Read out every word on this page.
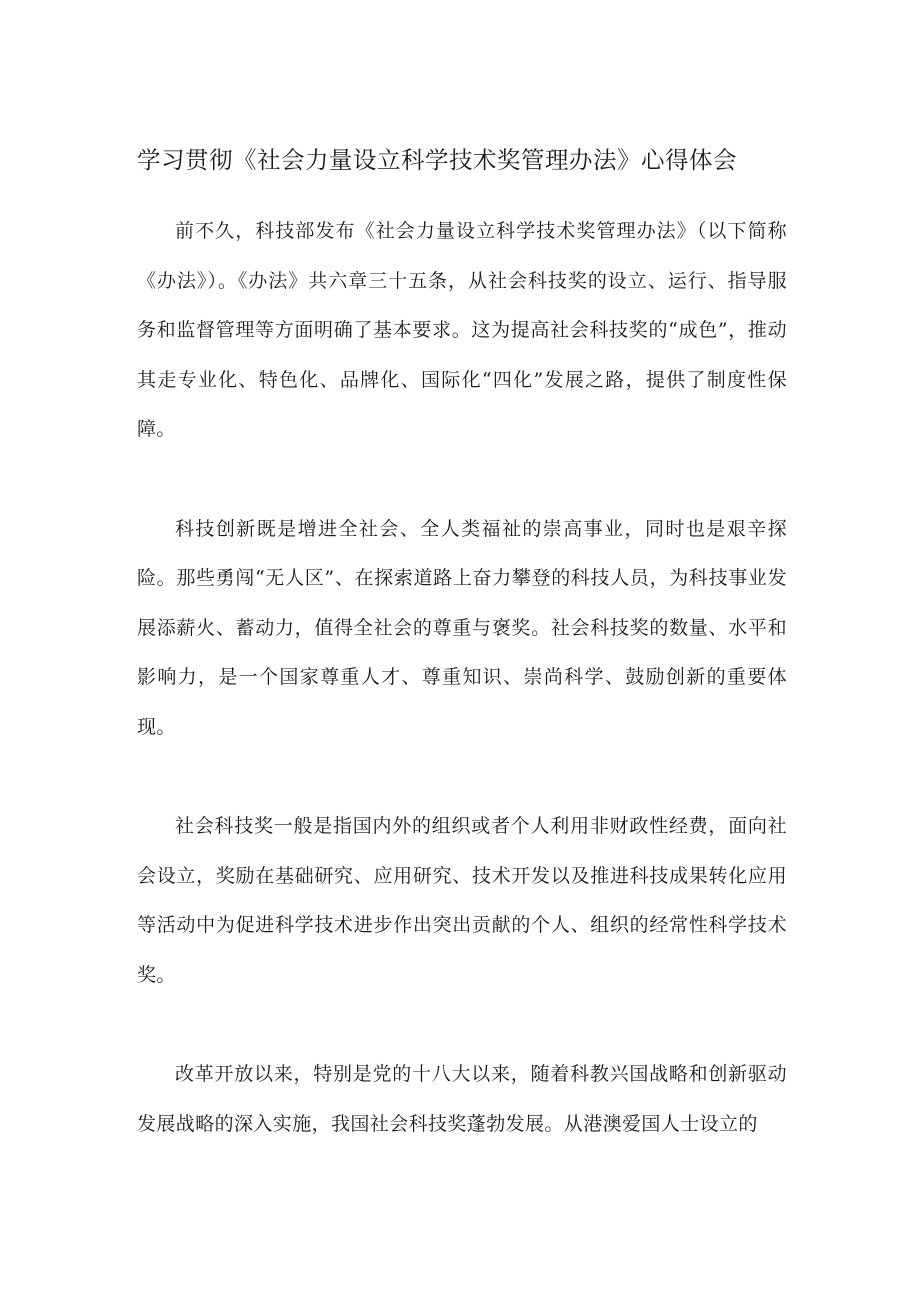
学习贯彻《社会力量设立科学技术奖管理办法》心得体会

前不久，科技部发布《社会力量设立科学技术奖管理办法》（以下简称《办法》）。《办法》共六章三十五条，从社会科技奖的设立、运行、指导服务和监督管理等方面明确了基本要求。这为提高社会科技奖的“成色”，推动其走专业化、特色化、品牌化、国际化“四化”发展之路，提供了制度性保障。

科技创新既是增进全社会、全人类福祉的崇高事业，同时也是艰辛探险。那些勇闯“无人区”、在探索道路上奋力攀登的科技人员，为科技事业发展添薪火、蓄动力，值得全社会的尊重与褒奖。社会科技奖的数量、水平和影响力，是一个国家尊重人才、尊重知识、崇尚科学、鼓励创新的重要体现。

社会科技奖一般是指国内外的组织或者个人利用非财政性经费，面向社会设立，奖励在基础研究、应用研究、技术开发以及推进科技成果转化应用等活动中为促进科学技术进步作出突出贡献的个人、组织的经常性科学技术奖。

改革开放以来，特别是党的十八大以来，随着科教兴国战略和创新驱动发展战略的深入实施，我国社会科技奖蓬勃发展。从港澳爱国人士设立的
